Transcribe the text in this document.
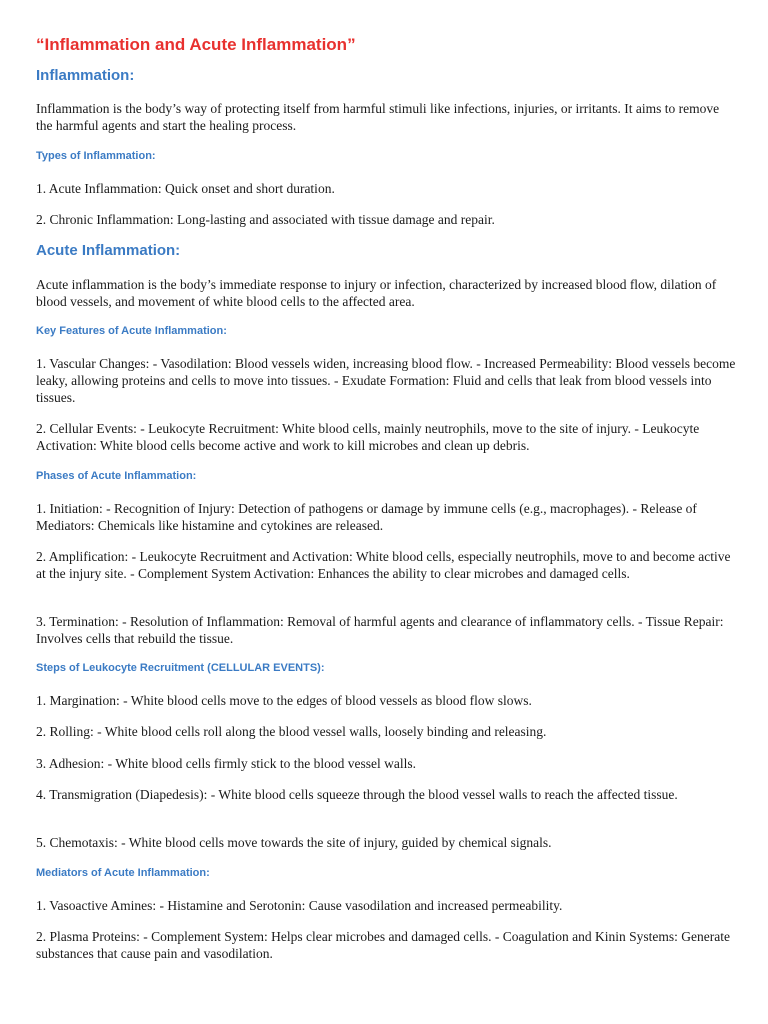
“Inflammation and Acute Inflammation”
Inflammation:

Inflammation is the body’s way of protecting itself from harmful stimuli like infections, injuries, or irritants. It aims to remove the harmful agents and start the healing process.

Types of Inflammation:

1. Acute Inflammation: Quick onset and short duration.

2. Chronic Inflammation: Long-lasting and associated with tissue damage and repair.

Acute Inflammation:

Acute inflammation is the body’s immediate response to injury or infection, characterized by increased blood flow, dilation of blood vessels, and movement of white blood cells to the affected area.

Key Features of Acute Inflammation:

1. Vascular Changes: - Vasodilation: Blood vessels widen, increasing blood flow. - Increased Permeability: Blood vessels become leaky, allowing proteins and cells to move into tissues. - Exudate Formation: Fluid and cells that leak from blood vessels into tissues.

2. Cellular Events: - Leukocyte Recruitment: White blood cells, mainly neutrophils, move to the site of injury. - Leukocyte Activation: White blood cells become active and work to kill microbes and clean up debris.

Phases of Acute Inflammation:

1. Initiation: - Recognition of Injury: Detection of pathogens or damage by immune cells (e.g., macrophages). - Release of Mediators: Chemicals like histamine and cytokines are released.

2. Amplification: - Leukocyte Recruitment and Activation: White blood cells, especially neutrophils, move to and become active at the injury site. - Complement System Activation: Enhances the ability to clear microbes and damaged cells.

3. Termination: - Resolution of Inflammation: Removal of harmful agents and clearance of inflammatory cells. - Tissue Repair: Involves cells that rebuild the tissue.

Steps of Leukocyte Recruitment (CELLULAR EVENTS):

1. Margination: - White blood cells move to the edges of blood vessels as blood flow slows.

2. Rolling: - White blood cells roll along the blood vessel walls, loosely binding and releasing.

3. Adhesion: - White blood cells firmly stick to the blood vessel walls.

4. Transmigration (Diapedesis): - White blood cells squeeze through the blood vessel walls to reach the affected tissue.

5. Chemotaxis: - White blood cells move towards the site of injury, guided by chemical signals.

Mediators of Acute Inflammation:

1. Vasoactive Amines: - Histamine and Serotonin: Cause vasodilation and increased permeability.

2. Plasma Proteins: - Complement System: Helps clear microbes and damaged cells. - Coagulation and Kinin Systems: Generate substances that cause pain and vasodilation.
